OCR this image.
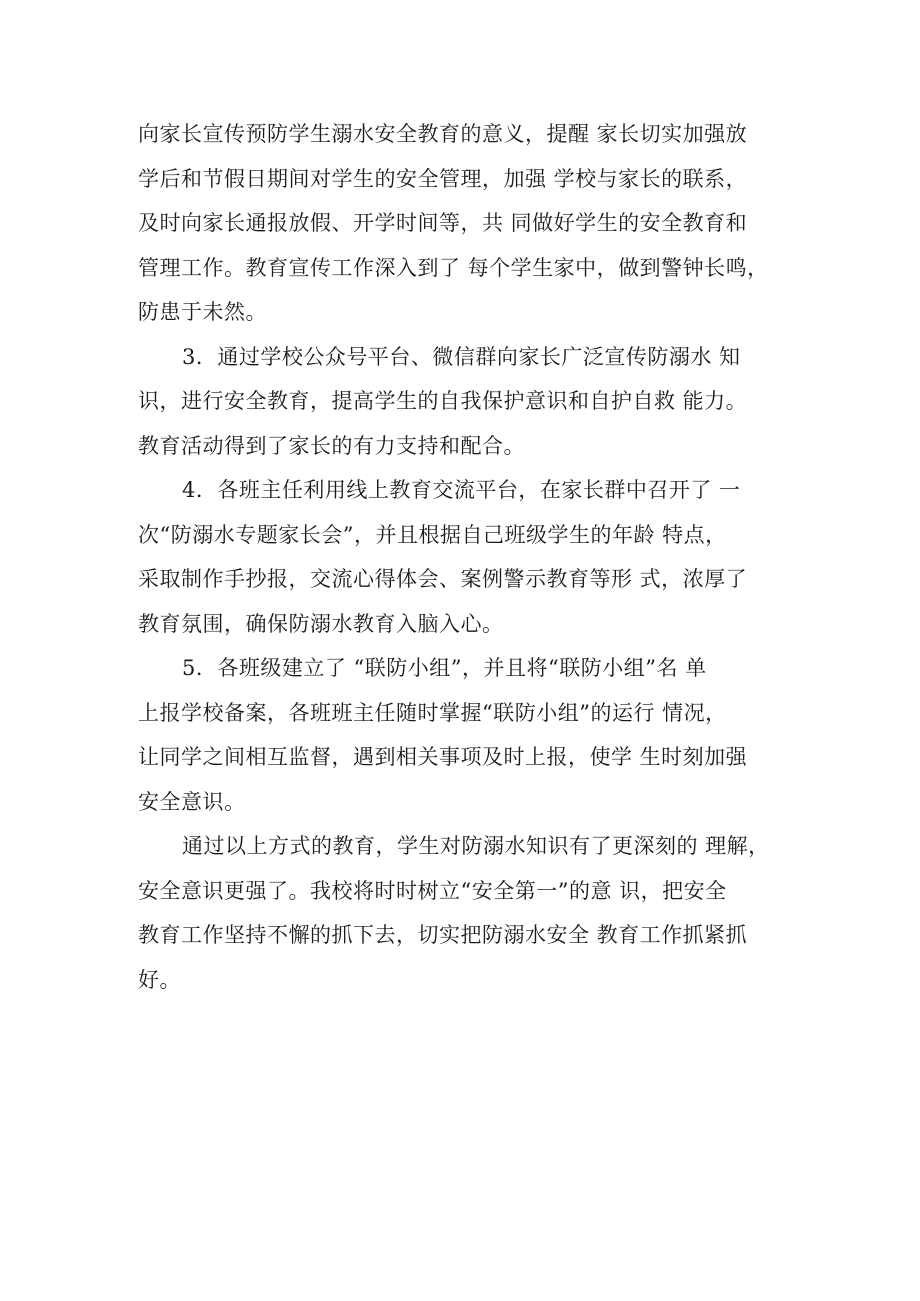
向家长宣传预防学生溺水安全教育的意义，提醒 家长切实加强放
学后和节假日期间对学生的安全管理，加强 学校与家长的联系，
及时向家长通报放假、开学时间等，共 同做好学生的安全教育和
管理工作。教育宣传工作深入到了 每个学生家中，做到警钟长鸣，
防患于未然。
3．通过学校公众号平台、微信群向家长广泛宣传防溺水 知
识，进行安全教育，提高学生的自我保护意识和自护自救 能力。
教育活动得到了家长的有力支持和配合。
4．各班主任利用线上教育交流平台，在家长群中召开了 一
次“防溺水专题家长会”，并且根据自己班级学生的年龄 特点，
采取制作手抄报，交流心得体会、案例警示教育等形 式，浓厚了
教育氛围，确保防溺水教育入脑入心。
5．各班级建立了 “联防小组”，并且将“联防小组”名 单
上报学校备案，各班班主任随时掌握“联防小组”的运行 情况，
让同学之间相互监督，遇到相关事项及时上报，使学 生时刻加强
安全意识。
通过以上方式的教育，学生对防溺水知识有了更深刻的 理解，
安全意识更强了。我校将时时树立“安全第一”的意 识，把安全
教育工作坚持不懈的抓下去，切实把防溺水安全 教育工作抓紧抓
好。
